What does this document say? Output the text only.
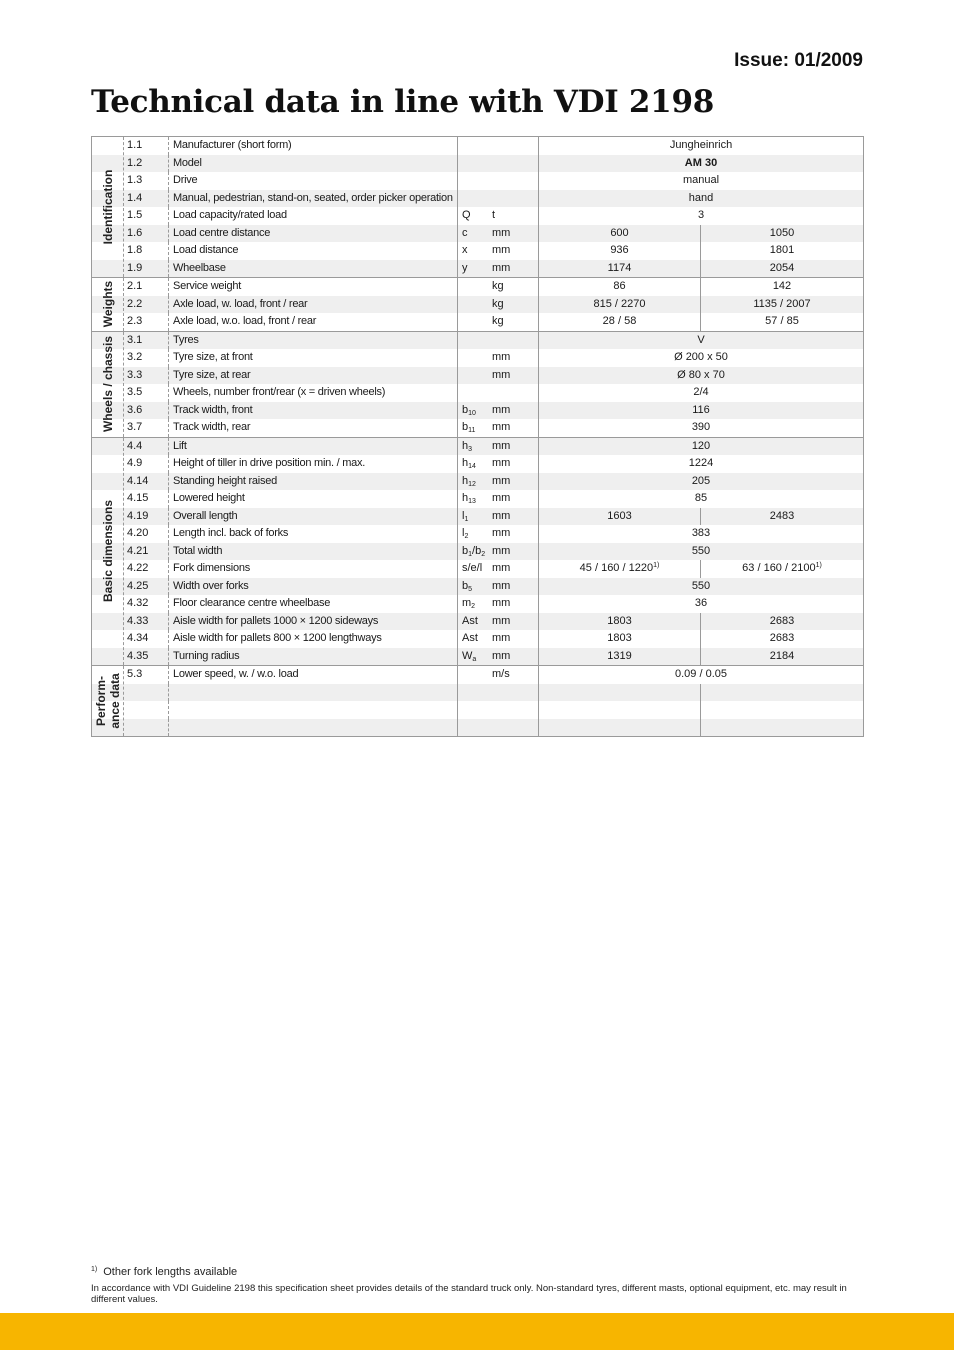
Issue: 01/2009
Technical data in line with VDI 2198
Identification
1.1	Manufacturer (short form)	Jungheinrich
1.2	Model	AM 30
1.3	Drive	manual
1.4	Manual, pedestrian, stand-on, seated, order picker operation	hand
1.5	Load capacity/rated load	Q	t	3
1.6	Load centre distance	c	mm	600	1050
1.8	Load distance	x	mm	936	1801
1.9	Wheelbase	y	mm	1174	2054
Weights 2.1	Service weight	kg	86	142
2.2	Axle load, w. load, front / rear	kg	815 / 2270	1135 / 2007
2.3	Axle load, w.o. load, front / rear	kg	28 / 58	57 / 85
Wheels / chassis 3.1	Tyres	V
3.2	Tyre size, at front	mm	Ø 200 x 50
3.3	Tyre size, at rear	mm	Ø 80 x 70
3.5	Wheels, number front/rear (x = driven wheels)	2/4
3.6	Track width, front	$b_{10}$	mm	116
3.7	Track width, rear	$b_{11}$	mm	390
Basic dimensions
4.4	Lift	$h_3$	mm	120
4.9	Height of tiller in drive position min. / max.	$h_{14}$	mm	1224
4.14	Standing height raised	$h_{12}$	mm	205
4.15	Lowered height	$h_{13}$	mm	85
4.19	Overall length	$l_1$	mm	1603	2483
4.20	Length incl. back of forks	$l_2$	mm	383
4.21	Total width	$b_1/b_2$ mm	550
4.22	Fork dimensions	s/e/l mm	45 / 160 / 1220$^{1)}$	63 / 160 / 2100$^{1)}$
4.25	Width over forks	$b_5$	mm	550
4.32	Floor clearance centre wheelbase	$m_2$	mm	36
4.33	Aisle width for pallets 1000 × 1200 sideways	Ast	mm	1803	2683
4.34	Aisle width for pallets 800 × 1200 lengthways	Ast	mm	1803	2683
4.35	Turning radius	$W_a$	mm	1319	2184
Perform-
ance data 5.3	Lower speed, w. / w.o. load	m/s	0.09 / 0.05
$^{1)}$ Other fork lengths available
In accordance with VDI Guideline 2198 this specification sheet provides details of the standard truck only. Non-standard tyres, different masts, optional equipment, etc. may result in different values.
